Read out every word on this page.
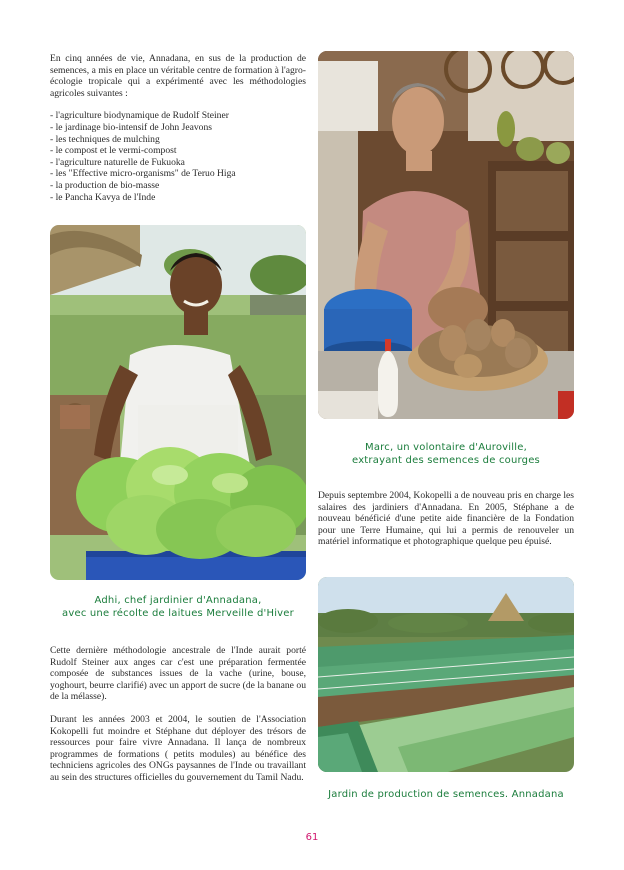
En cinq années de vie, Annadana, en sus de la production de semences, a mis en place un véritable centre de formation à l'agro-écologie tropicale qui a expérimenté avec les méthodologies agricoles suivantes :

- l'agriculture biodynamique de Rudolf Steiner
- le jardinage bio-intensif de John Jeavons
- les techniques de mulching
- le compost et le vermi-compost
- l'agriculture naturelle de Fukuoka
- les "Effective micro-organisms" de Teruo Higa
- la production de bio-masse
- le Pancha Kavya de l'Inde
Marc, un volontaire d'Auroville,
extrayant des semences de courges
Adhi, chef jardinier d'Annadana,
avec une récolte de laitues Merveille d'Hiver

Depuis septembre 2004, Kokopelli a de nouveau pris en charge les salaires des jardiniers d'Annadana. En 2005, Stéphane a de nouveau bénéficié d'une petite aide financière de la Fondation pour une Terre Humaine, qui lui a permis de renouveler un matériel informatique et photographique quelque peu épuisé.

Jardin de production de semences. Annadana

Cette dernière méthodologie ancestrale de l'Inde aurait porté Rudolf Steiner aux anges car c'est une préparation fermentée composée de substances issues de la vache (urine, bouse, yoghourt, beurre clarifié) avec un apport de sucre (de la banane ou de la mélasse).

Durant les années 2003 et 2004, le soutien de l'Association Kokopelli fut moindre et Stéphane dut déployer des trésors de ressources pour faire vivre Annadana. Il lança de nombreux programmes de formations ( petits modules) au bénéfice des techniciens agricoles des ONGs paysannes de l'Inde ou travaillant au sein des structures officielles du gouvernement du Tamil Nadu.

61
